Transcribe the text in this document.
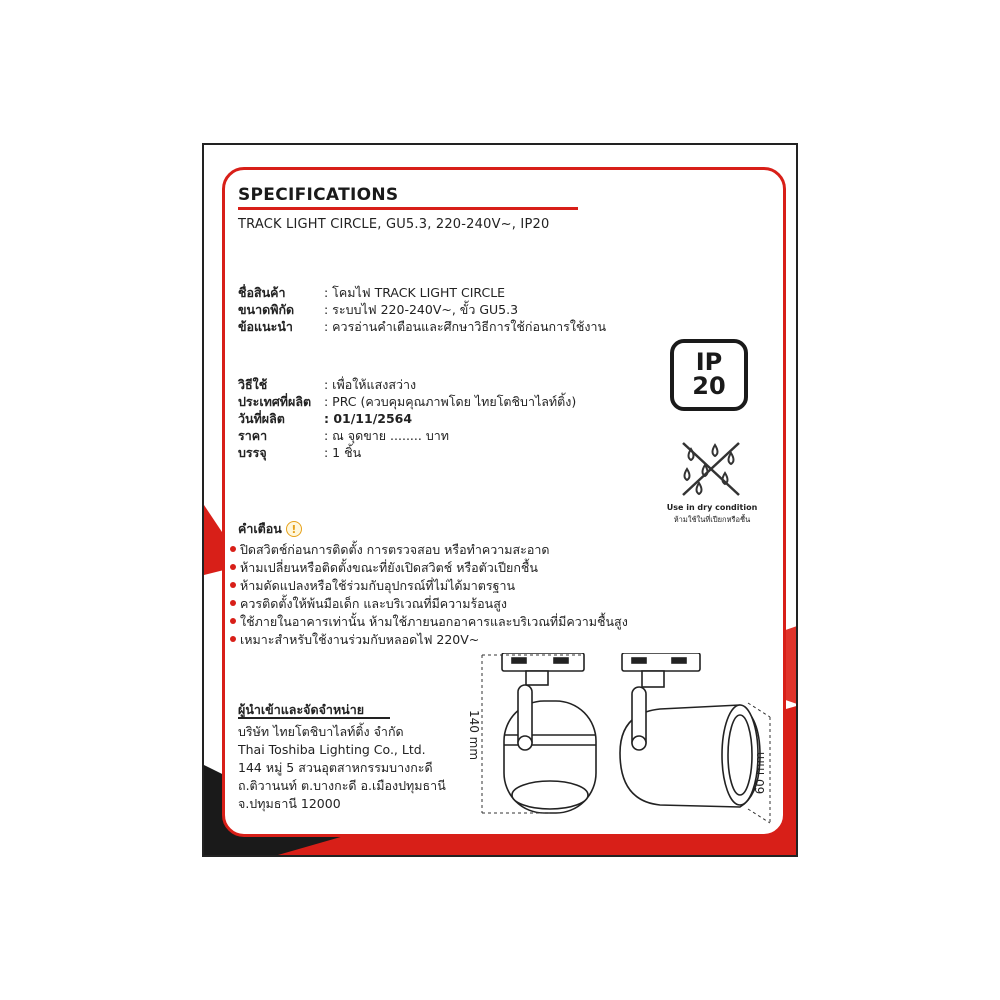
SPECIFICATIONS
TRACK LIGHT CIRCLE, GU5.3, 220-240V~, IP20
ชื่อสินค้า	: โคมไฟ TRACK LIGHT CIRCLE
ขนาดพิกัด	: ระบบไฟ 220-240V~, ขั้ว GU5.3
ข้อแนะนำ	: ควรอ่านคำเตือนและศึกษาวิธีการใช้ก่อนการใช้งาน
วิธีใช้	: เพื่อให้แสงสว่าง
ประเทศที่ผลิต	: PRC (ควบคุมคุณภาพโดย ไทยโตชิบาไลท์ติ้ง)
วันที่ผลิต	: 01/11/2564
ราคา	: ณ จุดขาย ........ บาท
บรรจุ	: 1 ชิ้น
IP
20
Use in dry condition
ห้ามใช้ในที่เปียกหรือชื้น
คำเตือน !
ปิดสวิตช์ก่อนการติดตั้ง การตรวจสอบ หรือทำความสะอาด
ห้ามเปลี่ยนหรือติดตั้งขณะที่ยังเปิดสวิตช์ หรือตัวเปียกชื้น
ห้ามดัดแปลงหรือใช้ร่วมกับอุปกรณ์ที่ไม่ได้มาตรฐาน
ควรติดตั้งให้พ้นมือเด็ก และบริเวณที่มีความร้อนสูง
ใช้ภายในอาคารเท่านั้น ห้ามใช้ภายนอกอาคารและบริเวณที่มีความชื้นสูง
เหมาะสำหรับใช้งานร่วมกับหลอดไฟ 220V~
ผู้นำเข้าและจัดจำหน่าย
บริษัท ไทยโตชิบาไลท์ติ้ง จำกัด
Thai Toshiba Lighting Co., Ltd.
144 หมู่ 5 สวนอุตสาหกรรมบางกะดี
ถ.ติวานนท์ ต.บางกะดี อ.เมืองปทุมธานี
จ.ปทุมธานี 12000
140 mm
60 mm
